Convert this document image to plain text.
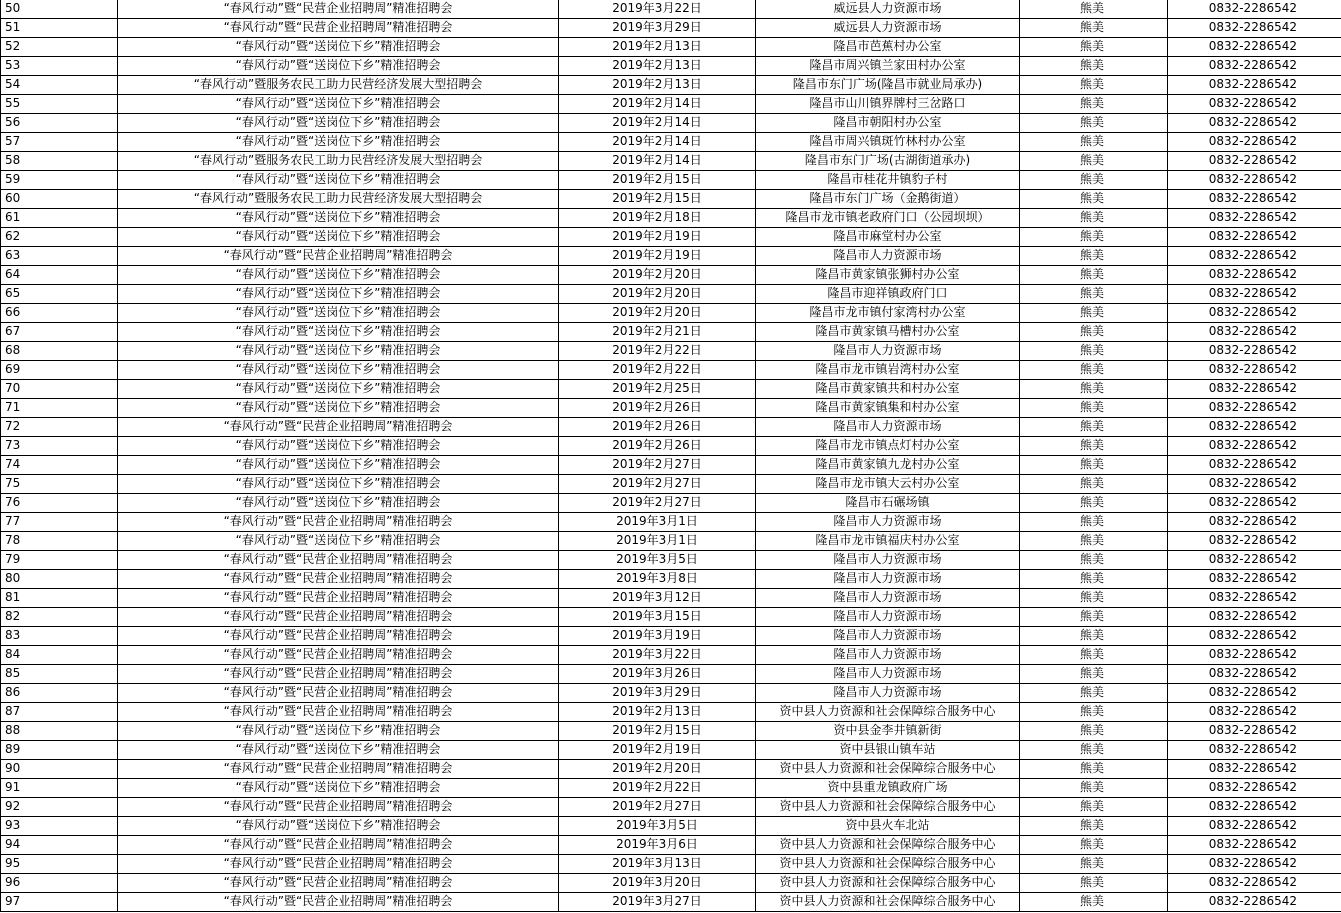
50	“春风行动”暨“民营企业招聘周”精准招聘会	2019年3月22日	威远县人力资源市场	熊美	0832-2286542
51	“春风行动”暨“民营企业招聘周”精准招聘会	2019年3月29日	威远县人力资源市场	熊美	0832-2286542
52	“春风行动”暨“送岗位下乡”精准招聘会	2019年2月13日	隆昌市芭蕉村办公室	熊美	0832-2286542
53	“春风行动”暨“送岗位下乡”精准招聘会	2019年2月13日	隆昌市周兴镇兰家田村办公室	熊美	0832-2286542
54	“春风行动”暨服务农民工助力民营经济发展大型招聘会	2019年2月13日	隆昌市东门广场(隆昌市就业局承办)	熊美	0832-2286542
55	“春风行动”暨“送岗位下乡”精准招聘会	2019年2月14日	隆昌市山川镇界牌村三岔路口	熊美	0832-2286542
56	“春风行动”暨“送岗位下乡”精准招聘会	2019年2月14日	隆昌市朝阳村办公室	熊美	0832-2286542
57	“春风行动”暨“送岗位下乡”精准招聘会	2019年2月14日	隆昌市周兴镇斑竹林村办公室	熊美	0832-2286542
58	“春风行动”暨服务农民工助力民营经济发展大型招聘会	2019年2月14日	隆昌市东门广场(古湖街道承办)	熊美	0832-2286542
59	“春风行动”暨“送岗位下乡”精准招聘会	2019年2月15日	隆昌市桂花井镇豹子村	熊美	0832-2286542
60	“春风行动”暨服务农民工助力民营经济发展大型招聘会	2019年2月15日	隆昌市东门广场（金鹅街道）	熊美	0832-2286542
61	“春风行动”暨“送岗位下乡”精准招聘会	2019年2月18日	隆昌市龙市镇老政府门口（公园坝坝）	熊美	0832-2286542
62	“春风行动”暨“送岗位下乡”精准招聘会	2019年2月19日	隆昌市麻堂村办公室	熊美	0832-2286542
63	“春风行动”暨“民营企业招聘周”精准招聘会	2019年2月19日	隆昌市人力资源市场	熊美	0832-2286542
64	“春风行动”暨“送岗位下乡”精准招聘会	2019年2月20日	隆昌市黄家镇张狮村办公室	熊美	0832-2286542
65	“春风行动”暨“送岗位下乡”精准招聘会	2019年2月20日	隆昌市迎祥镇政府门口	熊美	0832-2286542
66	“春风行动”暨“送岗位下乡”精准招聘会	2019年2月20日	隆昌市龙市镇付家湾村办公室	熊美	0832-2286542
67	“春风行动”暨“送岗位下乡”精准招聘会	2019年2月21日	隆昌市黄家镇马槽村办公室	熊美	0832-2286542
68	“春风行动”暨“送岗位下乡”精准招聘会	2019年2月22日	隆昌市人力资源市场	熊美	0832-2286542
69	“春风行动”暨“送岗位下乡”精准招聘会	2019年2月22日	隆昌市龙市镇岩湾村办公室	熊美	0832-2286542
70	“春风行动”暨“送岗位下乡”精准招聘会	2019年2月25日	隆昌市黄家镇共和村办公室	熊美	0832-2286542
71	“春风行动”暨“送岗位下乡”精准招聘会	2019年2月26日	隆昌市黄家镇集和村办公室	熊美	0832-2286542
72	“春风行动”暨“民营企业招聘周”精准招聘会	2019年2月26日	隆昌市人力资源市场	熊美	0832-2286542
73	“春风行动”暨“送岗位下乡”精准招聘会	2019年2月26日	隆昌市龙市镇点灯村办公室	熊美	0832-2286542
74	“春风行动”暨“送岗位下乡”精准招聘会	2019年2月27日	隆昌市黄家镇九龙村办公室	熊美	0832-2286542
75	“春风行动”暨“送岗位下乡”精准招聘会	2019年2月27日	隆昌市龙市镇大云村办公室	熊美	0832-2286542
76	“春风行动”暨“送岗位下乡”精准招聘会	2019年2月27日	隆昌市石碾场镇	熊美	0832-2286542
77	“春风行动”暨“民营企业招聘周”精准招聘会	2019年3月1日	隆昌市人力资源市场	熊美	0832-2286542
78	“春风行动”暨“送岗位下乡”精准招聘会	2019年3月1日	隆昌市龙市镇福庆村办公室	熊美	0832-2286542
79	“春风行动”暨“民营企业招聘周”精准招聘会	2019年3月5日	隆昌市人力资源市场	熊美	0832-2286542
80	“春风行动”暨“民营企业招聘周”精准招聘会	2019年3月8日	隆昌市人力资源市场	熊美	0832-2286542
81	“春风行动”暨“民营企业招聘周”精准招聘会	2019年3月12日	隆昌市人力资源市场	熊美	0832-2286542
82	“春风行动”暨“民营企业招聘周”精准招聘会	2019年3月15日	隆昌市人力资源市场	熊美	0832-2286542
83	“春风行动”暨“民营企业招聘周”精准招聘会	2019年3月19日	隆昌市人力资源市场	熊美	0832-2286542
84	“春风行动”暨“民营企业招聘周”精准招聘会	2019年3月22日	隆昌市人力资源市场	熊美	0832-2286542
85	“春风行动”暨“民营企业招聘周”精准招聘会	2019年3月26日	隆昌市人力资源市场	熊美	0832-2286542
86	“春风行动”暨“民营企业招聘周”精准招聘会	2019年3月29日	隆昌市人力资源市场	熊美	0832-2286542
87	“春风行动”暨“民营企业招聘周”精准招聘会	2019年2月13日	资中县人力资源和社会保障综合服务中心	熊美	0832-2286542
88	“春风行动”暨“送岗位下乡”精准招聘会	2019年2月15日	资中县金李井镇新街	熊美	0832-2286542
89	“春风行动”暨“送岗位下乡”精准招聘会	2019年2月19日	资中县银山镇车站	熊美	0832-2286542
90	“春风行动”暨“民营企业招聘周”精准招聘会	2019年2月20日	资中县人力资源和社会保障综合服务中心	熊美	0832-2286542
91	“春风行动”暨“送岗位下乡”精准招聘会	2019年2月22日	资中县重龙镇政府广场	熊美	0832-2286542
92	“春风行动”暨“民营企业招聘周”精准招聘会	2019年2月27日	资中县人力资源和社会保障综合服务中心	熊美	0832-2286542
93	“春风行动”暨“送岗位下乡”精准招聘会	2019年3月5日	资中县火车北站	熊美	0832-2286542
94	“春风行动”暨“民营企业招聘周”精准招聘会	2019年3月6日	资中县人力资源和社会保障综合服务中心	熊美	0832-2286542
95	“春风行动”暨“民营企业招聘周”精准招聘会	2019年3月13日	资中县人力资源和社会保障综合服务中心	熊美	0832-2286542
96	“春风行动”暨“民营企业招聘周”精准招聘会	2019年3月20日	资中县人力资源和社会保障综合服务中心	熊美	0832-2286542
97	“春风行动”暨“民营企业招聘周”精准招聘会	2019年3月27日	资中县人力资源和社会保障综合服务中心	熊美	0832-2286542
